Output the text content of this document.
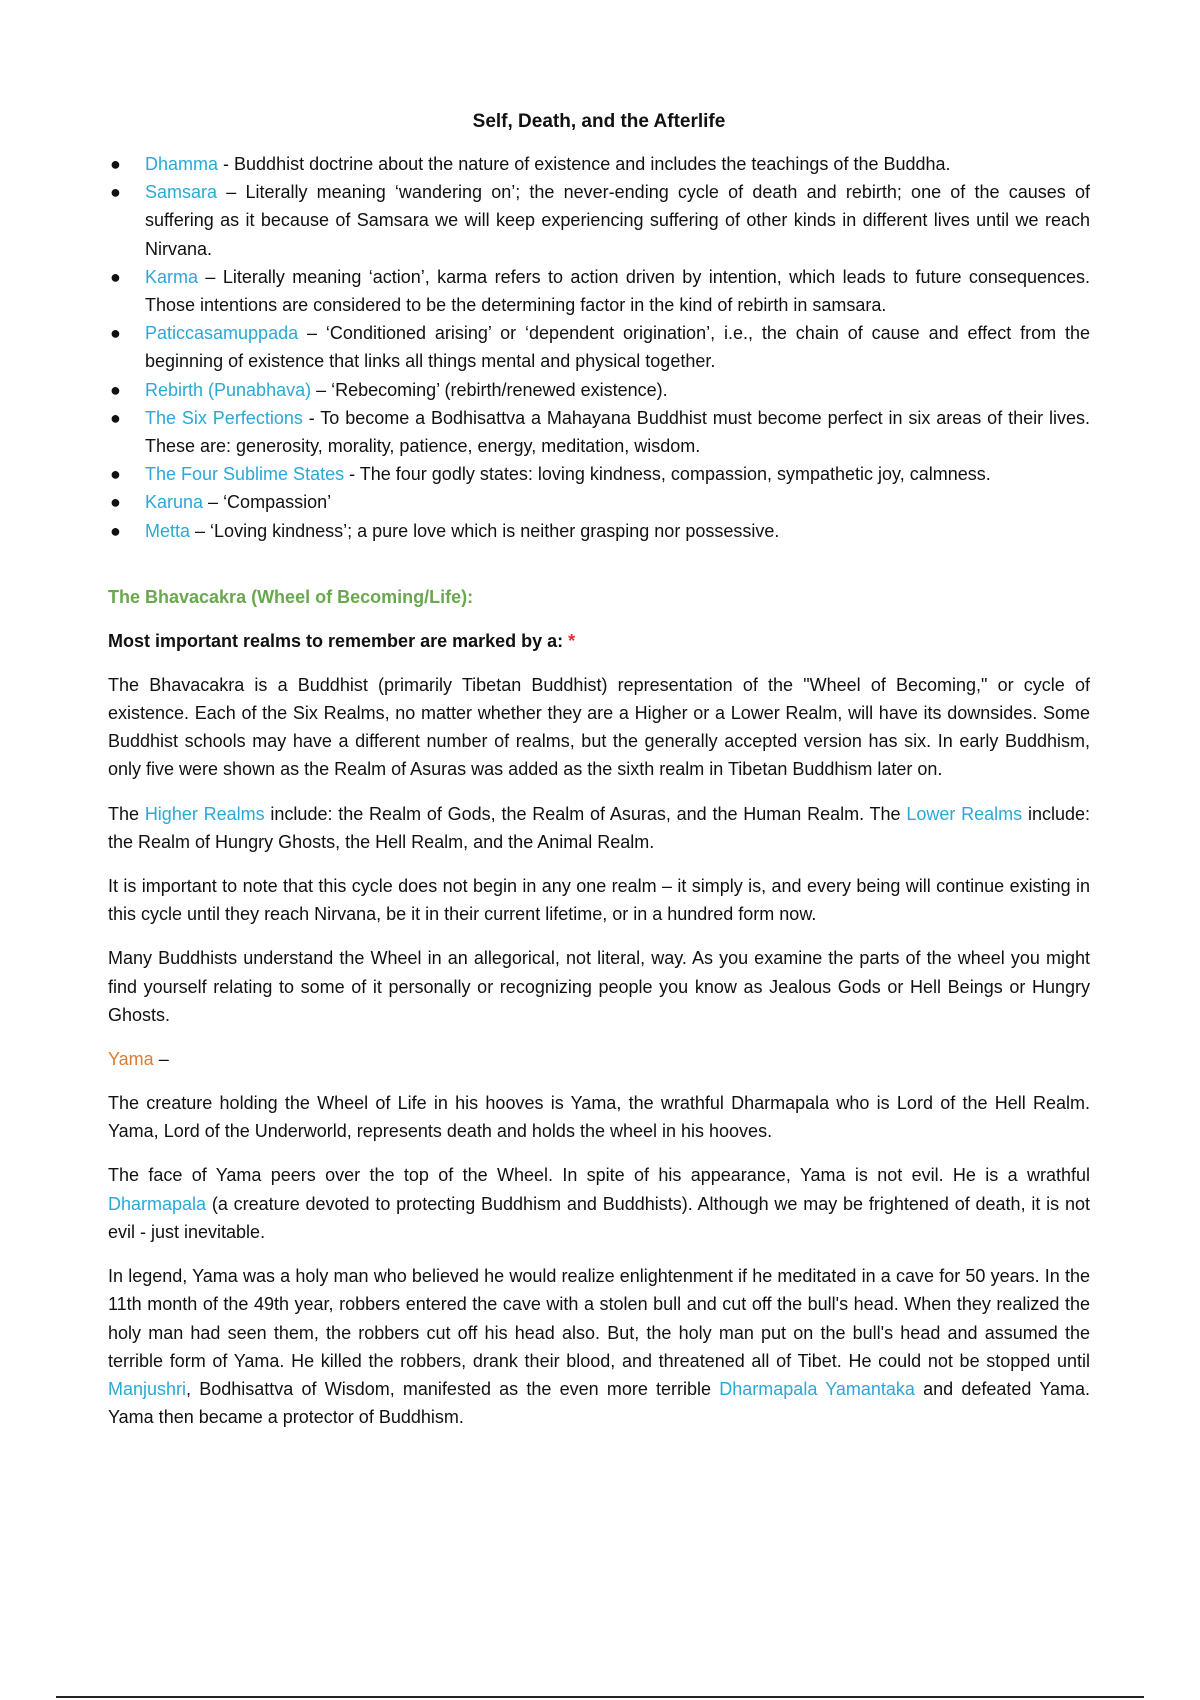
Self, Death, and the Afterlife
● Dhamma - Buddhist doctrine about the nature of existence and includes the teachings of the Buddha.
● Samsara – Literally meaning ‘wandering on’; the never-ending cycle of death and rebirth; one of the causes of suffering as it because of Samsara we will keep experiencing suffering of other kinds in different lives until we reach Nirvana.
● Karma – Literally meaning ‘action’, karma refers to action driven by intention, which leads to future consequences. Those intentions are considered to be the determining factor in the kind of rebirth in samsara.
● Paticcasamuppada – ‘Conditioned arising’ or ‘dependent origination’, i.e., the chain of cause and effect from the beginning of existence that links all things mental and physical together.
● Rebirth (Punabhava) – ‘Rebecoming’ (rebirth/renewed existence).
● The Six Perfections - To become a Bodhisattva a Mahayana Buddhist must become perfect in six areas of their lives. These are: generosity, morality, patience, energy, meditation, wisdom.
● The Four Sublime States - The four godly states: loving kindness, compassion, sympathetic joy, calmness.
● Karuna – ‘Compassion’
● Metta – ‘Loving kindness’; a pure love which is neither grasping nor possessive.
The Bhavacakra (Wheel of Becoming/Life):
Most important realms to remember are marked by a: *

The Bhavacakra is a Buddhist (primarily Tibetan Buddhist) representation of the "Wheel of Becoming," or cycle of existence. Each of the Six Realms, no matter whether they are a Higher or a Lower Realm, will have its downsides. Some Buddhist schools may have a different number of realms, but the generally accepted version has six. In early Buddhism, only five were shown as the Realm of Asuras was added as the sixth realm in Tibetan Buddhism later on.

The Higher Realms include: the Realm of Gods, the Realm of Asuras, and the Human Realm. The Lower Realms include: the Realm of Hungry Ghosts, the Hell Realm, and the Animal Realm.

It is important to note that this cycle does not begin in any one realm – it simply is, and every being will continue existing in this cycle until they reach Nirvana, be it in their current lifetime, or in a hundred form now.

Many Buddhists understand the Wheel in an allegorical, not literal, way. As you examine the parts of the wheel you might find yourself relating to some of it personally or recognizing people you know as Jealous Gods or Hell Beings or Hungry Ghosts.

Yama –

The creature holding the Wheel of Life in his hooves is Yama, the wrathful Dharmapala who is Lord of the Hell Realm. Yama, Lord of the Underworld, represents death and holds the wheel in his hooves.

The face of Yama peers over the top of the Wheel. In spite of his appearance, Yama is not evil. He is a wrathful Dharmapala (a creature devoted to protecting Buddhism and Buddhists). Although we may be frightened of death, it is not evil - just inevitable.

In legend, Yama was a holy man who believed he would realize enlightenment if he meditated in a cave for 50 years. In the 11th month of the 49th year, robbers entered the cave with a stolen bull and cut off the bull's head. When they realized the holy man had seen them, the robbers cut off his head also. But, the holy man put on the bull's head and assumed the terrible form of Yama. He killed the robbers, drank their blood, and threatened all of Tibet. He could not be stopped until Manjushri, Bodhisattva of Wisdom, manifested as the even more terrible Dharmapala Yamantaka and defeated Yama. Yama then became a protector of Buddhism.
